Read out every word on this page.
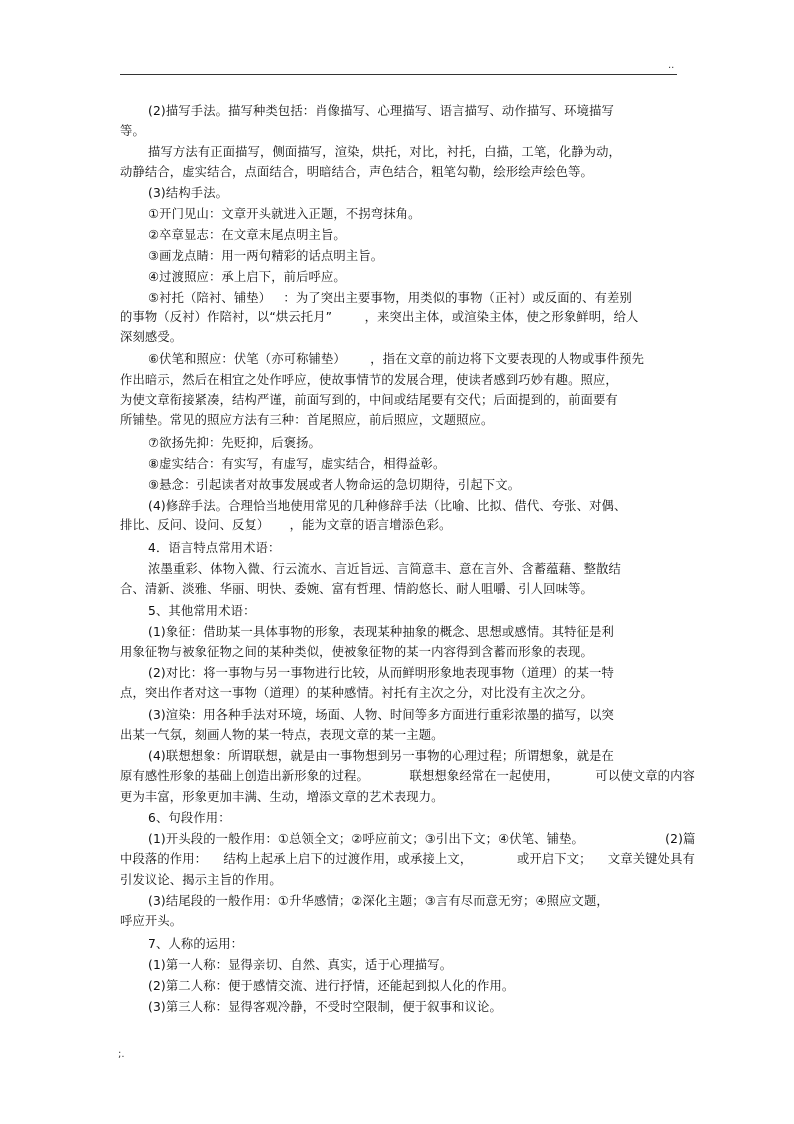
..
(2)描写手法。描写种类包括：肖像描写、心理描写、语言描写、动作描写、环境描写
等。
描写方法有正面描写，侧面描写，渲染，烘托，对比，衬托，白描，工笔，化静为动，
动静结合，虚实结合，点面结合，明暗结合，声色结合，粗笔勾勒，绘形绘声绘色等。
(3)结构手法。
①开门见山：文章开头就进入正题，不拐弯抹角。
②卒章显志：在文章末尾点明主旨。
③画龙点睛：用一两句精彩的话点明主旨。
④过渡照应：承上启下，前后呼应。
⑤衬托（陪衬、铺垫）   ：为了突出主要事物，用类似的事物（正衬）或反面的、有差别
的事物（反衬）作陪衬，以“烘云托月”        ，来突出主体，或渲染主体，使之形象鲜明，给人
深刻感受。
⑥伏笔和照应：伏笔（亦可称铺垫）      ，指在文章的前边将下文要表现的人物或事件预先
作出暗示，然后在相宜之处作呼应，使故事情节的发展合理，使读者感到巧妙有趣。照应，
为使文章衔接紧凑，结构严谨，前面写到的，中间或结尾要有交代；后面提到的，前面要有
所铺垫。常见的照应方法有三种：首尾照应，前后照应，文题照应。
⑦欲扬先抑：先贬抑，后褒扬。
⑧虚实结合：有实写，有虚写，虚实结合，相得益彰。
⑨悬念：引起读者对故事发展或者人物命运的急切期待，引起下文。
(4)修辞手法。合理恰当地使用常见的几种修辞手法（比喻、比拟、借代、夸张、对偶、
排比、反问、设问、反复）     ，能为文章的语言增添色彩。
4．语言特点常用术语：
浓墨重彩、体物入微、行云流水、言近旨远、言简意丰、意在言外、含蓄蕴藉、整散结
合、清新、淡雅、华丽、明快、委婉、富有哲理、情韵悠长、耐人咀嚼、引人回味等。
5、其他常用术语：
(1)象征：借助某一具体事物的形象，表现某种抽象的概念、思想或感情。其特征是利
用象征物与被象征物之间的某种类似，使被象征物的某一内容得到含蓄而形象的表现。
(2)对比：将一事物与另一事物进行比较，从而鲜明形象地表现事物（道理）的某一特
点，突出作者对这一事物（道理）的某种感情。衬托有主次之分，对比没有主次之分。
(3)渲染：用各种手法对环境，场面、人物、时间等多方面进行重彩浓墨的描写，以突
出某一气氛，刻画人物的某一特点，表现文章的某一主题。
(4)联想想象：所谓联想，就是由一事物想到另一事物的心理过程；所谓想象，就是在
原有感性形象的基础上创造出新形象的过程。          联想想象经常在一起使用，         可以使文章的内容
更为丰富，形象更加丰满、生动，增添文章的艺术表现力。
6、句段作用：
(1)开头段的一般作用：①总领全文；②呼应前文；③引出下文；④伏笔、铺垫。                    (2)篇
中段落的作用：    结构上起承上启下的过渡作用，或承接上文，           或开启下文；    文章关键处具有
引发议论、揭示主旨的作用。
(3)结尾段的一般作用：①升华感情；②深化主题；③言有尽而意无穷；④照应文题，
呼应开头。
7、人称的运用：
(1)第一人称：显得亲切、自然、真实，适于心理描写。
(2)第二人称：便于感情交流、进行抒情，还能起到拟人化的作用。
(3)第三人称：显得客观冷静，不受时空限制，便于叙事和议论。
;.
